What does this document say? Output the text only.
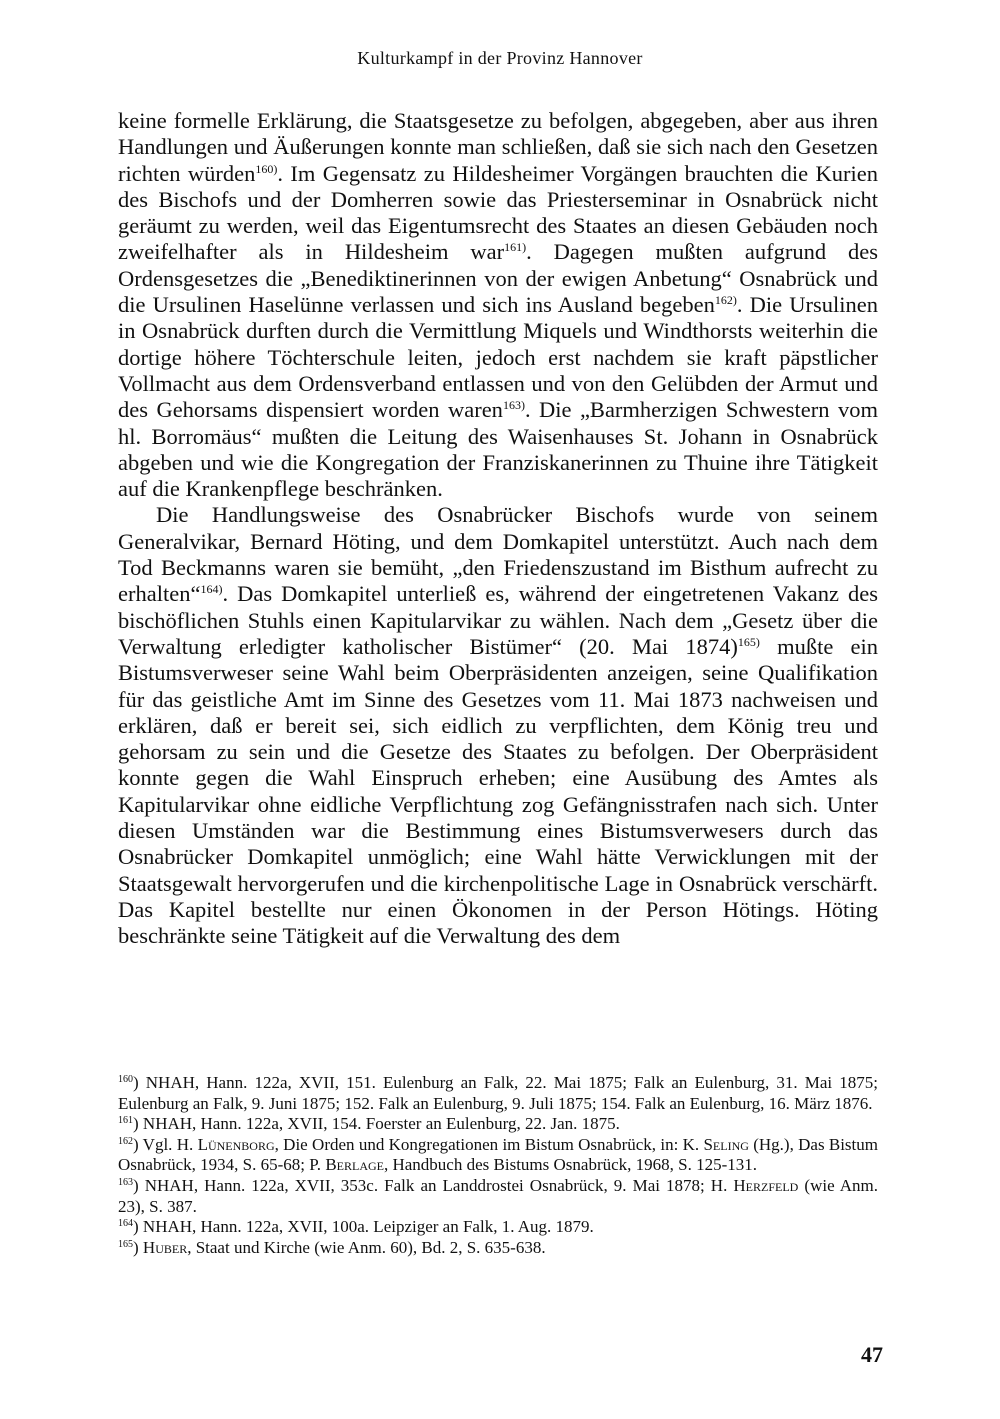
Kulturkampf in der Provinz Hannover

keine formelle Erklärung, die Staatsgesetze zu befolgen, abgegeben, aber aus ihren Handlungen und Äußerungen konnte man schließen, daß sie sich nach den Gesetzen richten würden$^{160)}$. Im Gegensatz zu Hildesheimer Vorgängen brauchten die Kurien des Bischofs und der Domherren sowie das Priesterseminar in Osnabrück nicht geräumt zu werden, weil das Eigentumsrecht des Staates an diesen Gebäuden noch zweifelhafter als in Hildesheim war$^{161)}$. Dagegen mußten aufgrund des Ordensgesetzes die „Benediktinerinnen von der ewigen Anbetung“ Osnabrück und die Ursulinen Haselünne verlassen und sich ins Ausland begeben$^{162)}$. Die Ursulinen in Osnabrück durften durch die Vermittlung Miquels und Windthorsts weiterhin die dortige höhere Töchterschule leiten, jedoch erst nachdem sie kraft päpstlicher Vollmacht aus dem Ordensverband entlassen und von den Gelübden der Armut und des Gehorsams dispensiert worden waren$^{163)}$. Die „Barmherzigen Schwestern vom hl. Borromäus“ mußten die Leitung des Waisenhauses St. Johann in Osnabrück abgeben und wie die Kongregation der Franziskanerinnen zu Thuine ihre Tätigkeit auf die Krankenpflege beschränken.

Die Handlungsweise des Osnabrücker Bischofs wurde von seinem Generalvikar, Bernard Höting, und dem Domkapitel unterstützt. Auch nach dem Tod Beckmanns waren sie bemüht, „den Friedenszustand im Bisthum aufrecht zu erhalten“$^{164)}$. Das Domkapitel unterließ es, während der eingetretenen Vakanz des bischöflichen Stuhls einen Kapitularvikar zu wählen. Nach dem „Gesetz über die Verwaltung erledigter katholischer Bistümer“ (20. Mai 1874)$^{165)}$ mußte ein Bistumsverweser seine Wahl beim Oberpräsidenten anzeigen, seine Qualifikation für das geistliche Amt im Sinne des Gesetzes vom 11. Mai 1873 nachweisen und erklären, daß er bereit sei, sich eidlich zu verpflichten, dem König treu und gehorsam zu sein und die Gesetze des Staates zu befolgen. Der Oberpräsident konnte gegen die Wahl Einspruch erheben; eine Ausübung des Amtes als Kapitularvikar ohne eidliche Verpflichtung zog Gefängnisstrafen nach sich. Unter diesen Umständen war die Bestimmung eines Bistumsverwesers durch das Osnabrücker Domkapitel unmöglich; eine Wahl hätte Verwicklungen mit der Staatsgewalt hervorgerufen und die kirchenpolitische Lage in Osnabrück verschärft. Das Kapitel bestellte nur einen Ökonomen in der Person Hötings. Höting beschränkte seine Tätigkeit auf die Verwaltung des dem

$^{160}$) NHAH, Hann. 122a, XVII, 151. Eulenburg an Falk, 22. Mai 1875; Falk an Eulenburg, 31. Mai 1875; Eulenburg an Falk, 9. Juni 1875; 152. Falk an Eulenburg, 9. Juli 1875; 154. Falk an Eulenburg, 16. März 1876.

$^{161}$) NHAH, Hann. 122a, XVII, 154. Foerster an Eulenburg, 22. Jan. 1875.

$^{162}$) Vgl. H. Lünenborg, Die Orden und Kongregationen im Bistum Osnabrück, in: K. Seling (Hg.), Das Bistum Osnabrück, 1934, S. 65-68; P. Berlage, Handbuch des Bistums Osnabrück, 1968, S. 125-131.

$^{163}$) NHAH, Hann. 122a, XVII, 353c. Falk an Landdrostei Osnabrück, 9. Mai 1878; H. Herzfeld (wie Anm. 23), S. 387.

$^{164}$) NHAH, Hann. 122a, XVII, 100a. Leipziger an Falk, 1. Aug. 1879.

$^{165}$) Huber, Staat und Kirche (wie Anm. 60), Bd. 2, S. 635-638.

47
